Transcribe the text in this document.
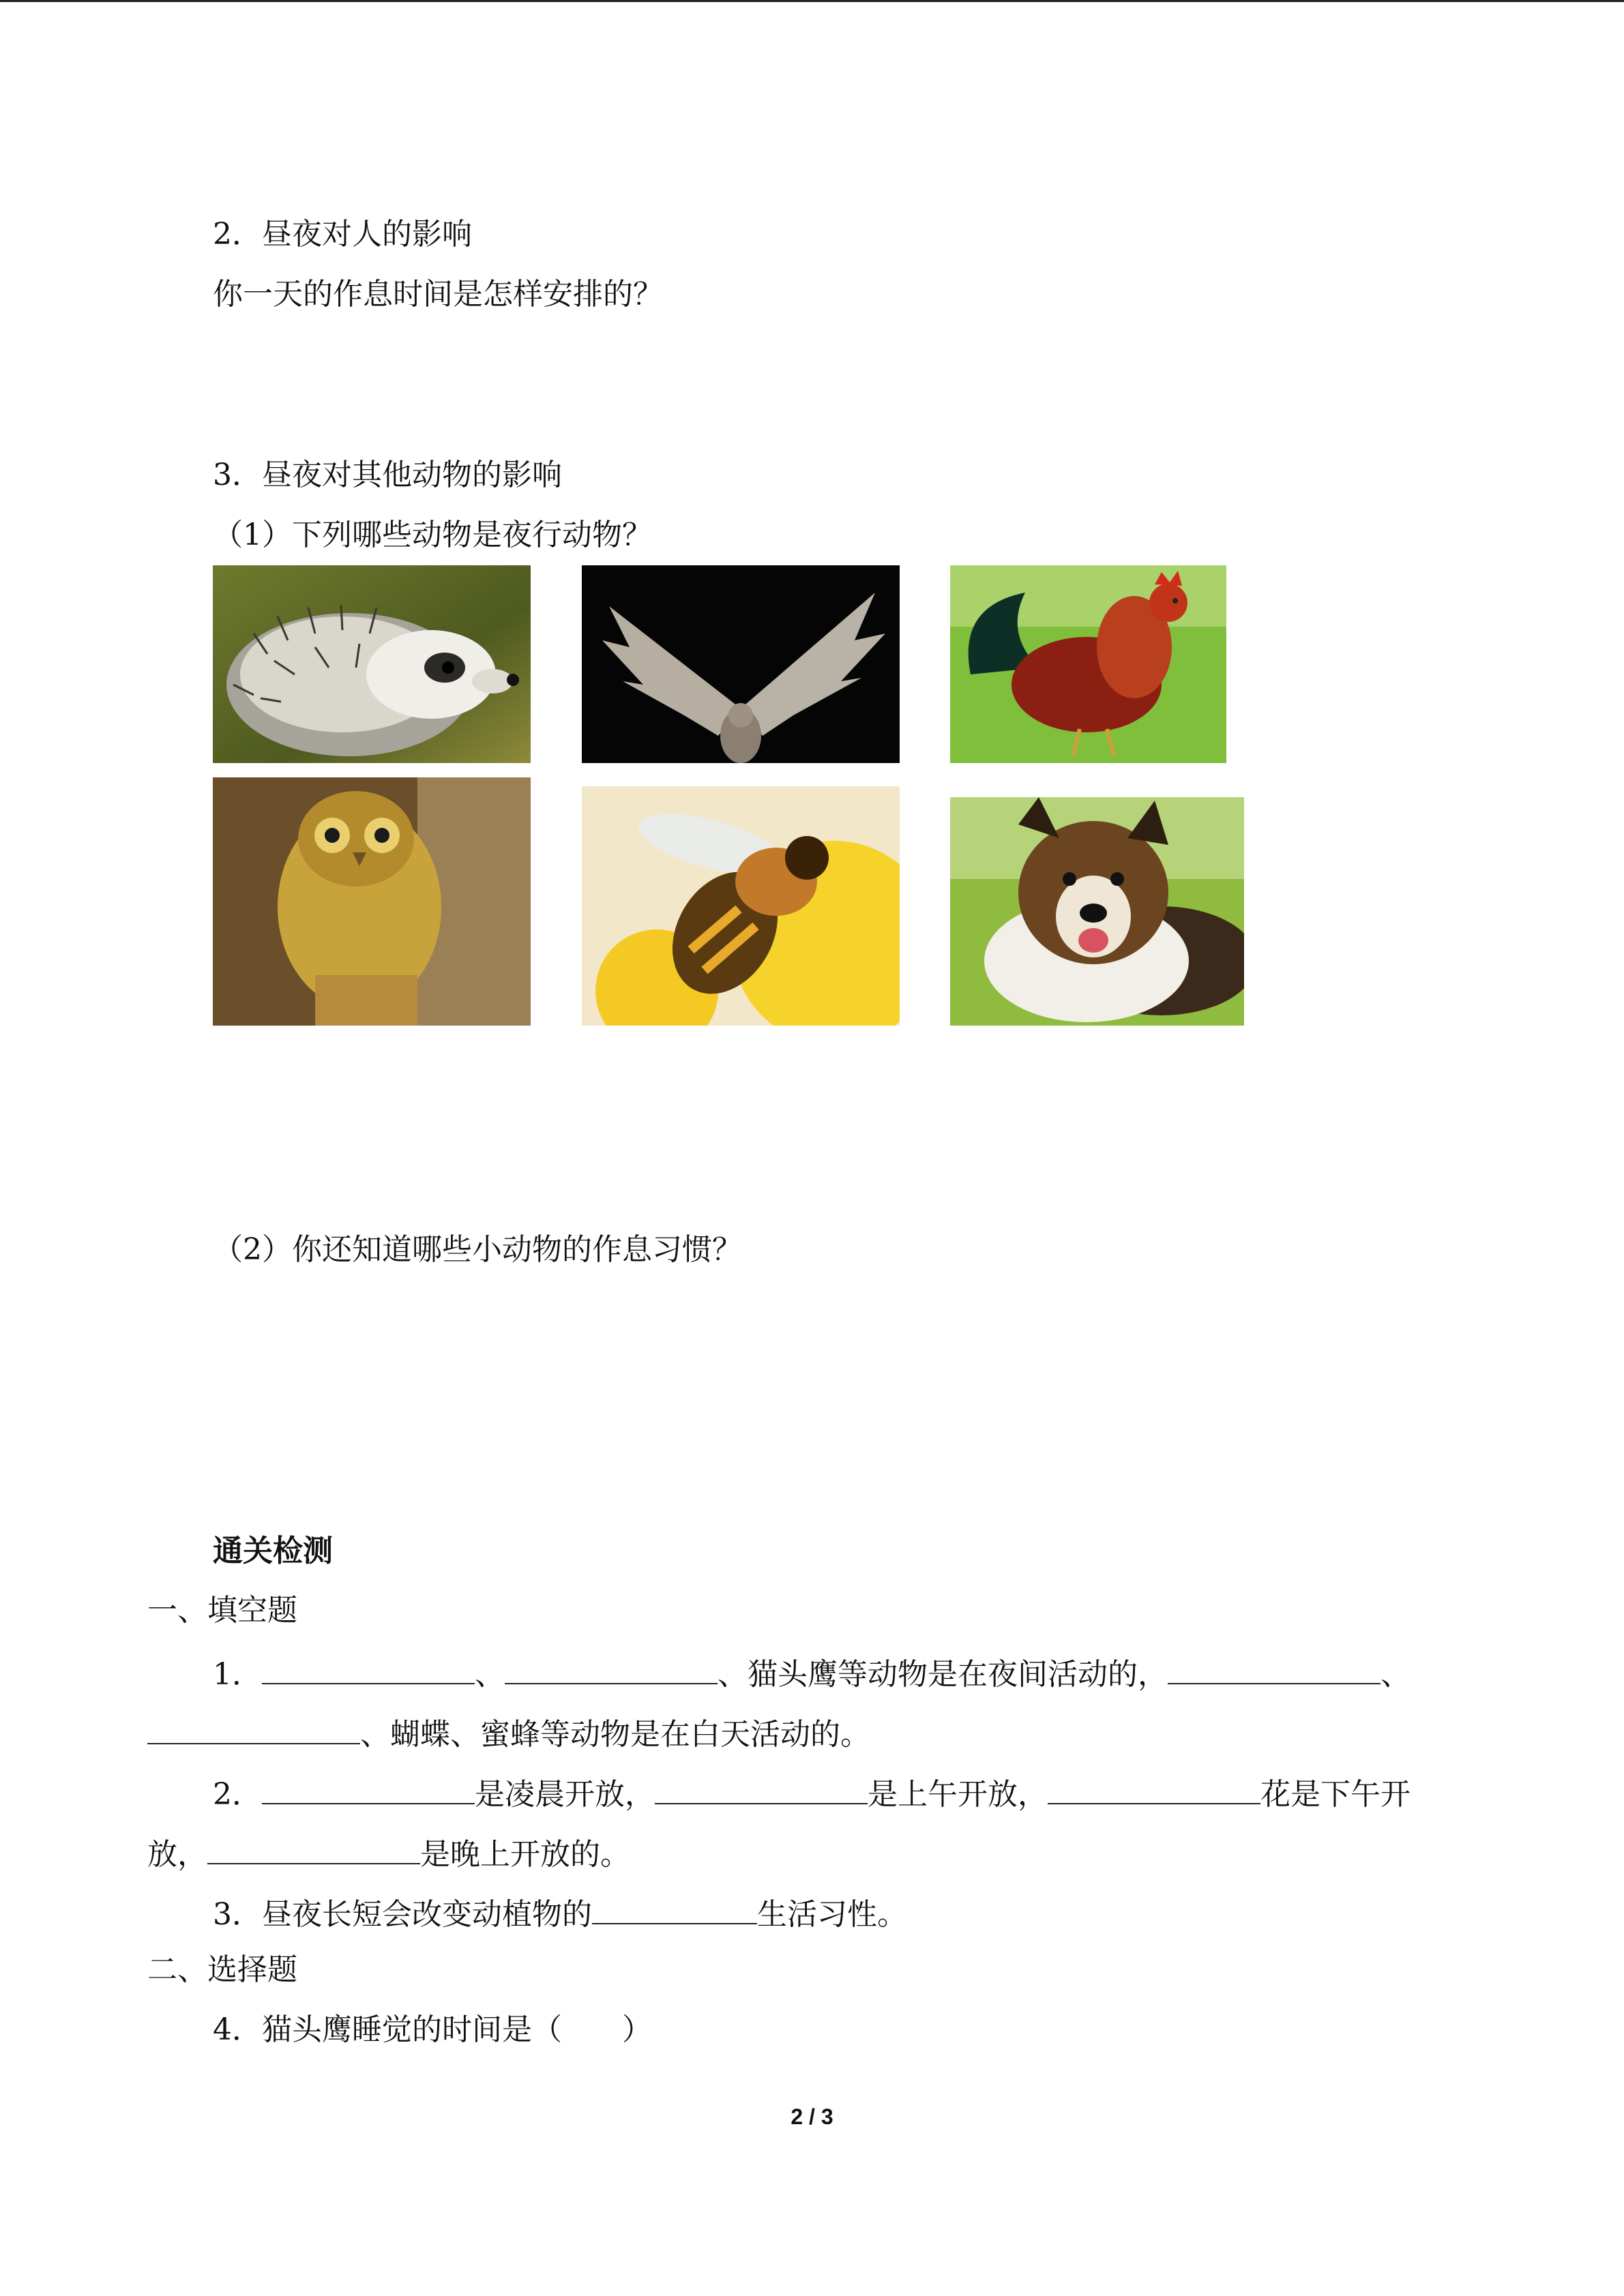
2．昼夜对人的影响
你一天的作息时间是怎样安排的？
3．昼夜对其他动物的影响
（1）下列哪些动物是夜行动物？
（2）你还知道哪些小动物的作息习惯？
通关检测
一、填空题
1．	、	、猫头鹰等动物是在夜间活动的，	、
、蝴蝶、蜜蜂等动物是在白天活动的。
2．	是凌晨开放，	是上午开放，	花是下午开
放，	是晚上开放的。
3．昼夜长短会改变动植物的	生活习性。
二、选择题
4．猫头鹰睡觉的时间是（　　）
2 / 3
